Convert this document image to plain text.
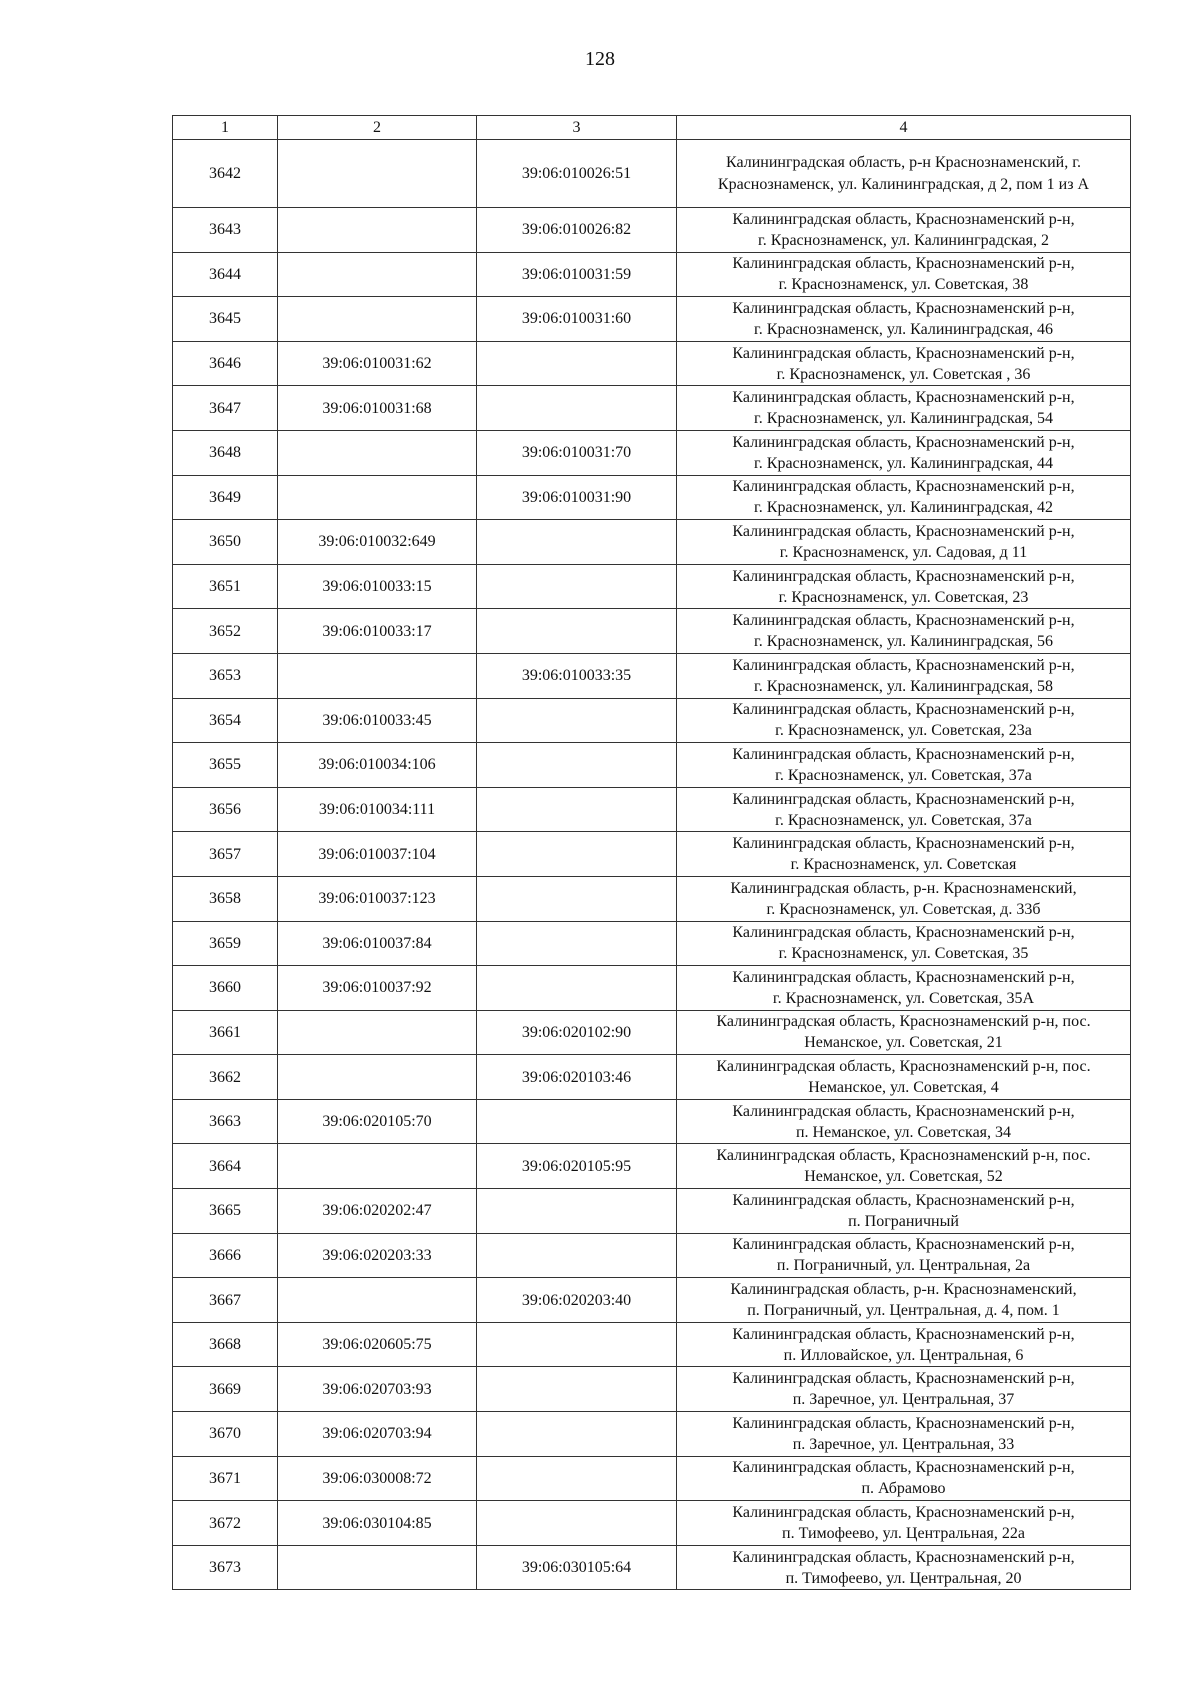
128
1	2	3	4
3642		39:06:010026:51	Калининградская область, р-н Краснознаменский, г.
Краснознаменск, ул. Калининградская, д 2, пом 1 из А

3643		39:06:010026:82	Калининградская область, Краснознаменский р-н,
г. Краснознаменск, ул. Калининградская, 2

3644		39:06:010031:59	Калининградская область, Краснознаменский р-н,
г. Краснознаменск, ул. Советская, 38

3645		39:06:010031:60	Калининградская область, Краснознаменский р-н,
г. Краснознаменск, ул. Калининградская, 46

3646	39:06:010031:62		Калининградская область, Краснознаменский р-н,
г. Краснознаменск, ул. Советская , 36

3647	39:06:010031:68		Калининградская область, Краснознаменский р-н,
г. Краснознаменск, ул. Калининградская, 54

3648		39:06:010031:70	Калининградская область, Краснознаменский р-н,
г. Краснознаменск, ул. Калининградская, 44

3649		39:06:010031:90	Калининградская область, Краснознаменский р-н,
г. Краснознаменск, ул. Калининградская, 42

3650	39:06:010032:649		Калининградская область, Краснознаменский р-н,
г. Краснознаменск, ул. Садовая, д 11

3651	39:06:010033:15		Калининградская область, Краснознаменский р-н,
г. Краснознаменск, ул. Советская, 23

3652	39:06:010033:17		Калининградская область, Краснознаменский р-н,
г. Краснознаменск, ул. Калининградская, 56

3653		39:06:010033:35	Калининградская область, Краснознаменский р-н,
г. Краснознаменск, ул. Калининградская, 58

3654	39:06:010033:45		Калининградская область, Краснознаменский р-н,
г. Краснознаменск, ул. Советская, 23а

3655	39:06:010034:106		Калининградская область, Краснознаменский р-н,
г. Краснознаменск, ул. Советская, 37а

3656	39:06:010034:111		Калининградская область, Краснознаменский р-н,
г. Краснознаменск, ул. Советская, 37а

3657	39:06:010037:104		Калининградская область, Краснознаменский р-н,
г. Краснознаменск, ул. Советская

3658	39:06:010037:123		Калининградская область, р-н. Краснознаменский,
г. Краснознаменск, ул. Советская, д. 33б

3659	39:06:010037:84		Калининградская область, Краснознаменский р-н,
г. Краснознаменск, ул. Советская, 35

3660	39:06:010037:92		Калининградская область, Краснознаменский р-н,
г. Краснознаменск, ул. Советская, 35А

3661		39:06:020102:90	Калининградская область, Краснознаменский р-н, пос.
Неманское, ул. Советская, 21

3662		39:06:020103:46	Калининградская область, Краснознаменский р-н, пос.
Неманское, ул. Советская, 4

3663	39:06:020105:70		Калининградская область, Краснознаменский р-н,
п. Неманское, ул. Советская, 34

3664		39:06:020105:95	Калининградская область, Краснознаменский р-н, пос.
Неманское, ул. Советская, 52

3665	39:06:020202:47		Калининградская область, Краснознаменский р-н,
п. Пограничный

3666	39:06:020203:33		Калининградская область, Краснознаменский р-н,
п. Пограничный, ул. Центральная, 2а

3667		39:06:020203:40	Калининградская область, р-н. Краснознаменский,
п. Пограничный, ул. Центральная, д. 4, пом. 1

3668	39:06:020605:75		Калининградская область, Краснознаменский р-н,
п. Илловайское, ул. Центральная, 6

3669	39:06:020703:93		Калининградская область, Краснознаменский р-н,
п. Заречное, ул. Центральная, 37

3670	39:06:020703:94		Калининградская область, Краснознаменский р-н,
п. Заречное, ул. Центральная, 33

3671	39:06:030008:72		Калининградская область, Краснознаменский р-н,
п. Абрамово

3672	39:06:030104:85		Калининградская область, Краснознаменский р-н,
п. Тимофеево, ул. Центральная, 22а

3673		39:06:030105:64	Калининградская область, Краснознаменский р-н,
п. Тимофеево, ул. Центральная, 20
